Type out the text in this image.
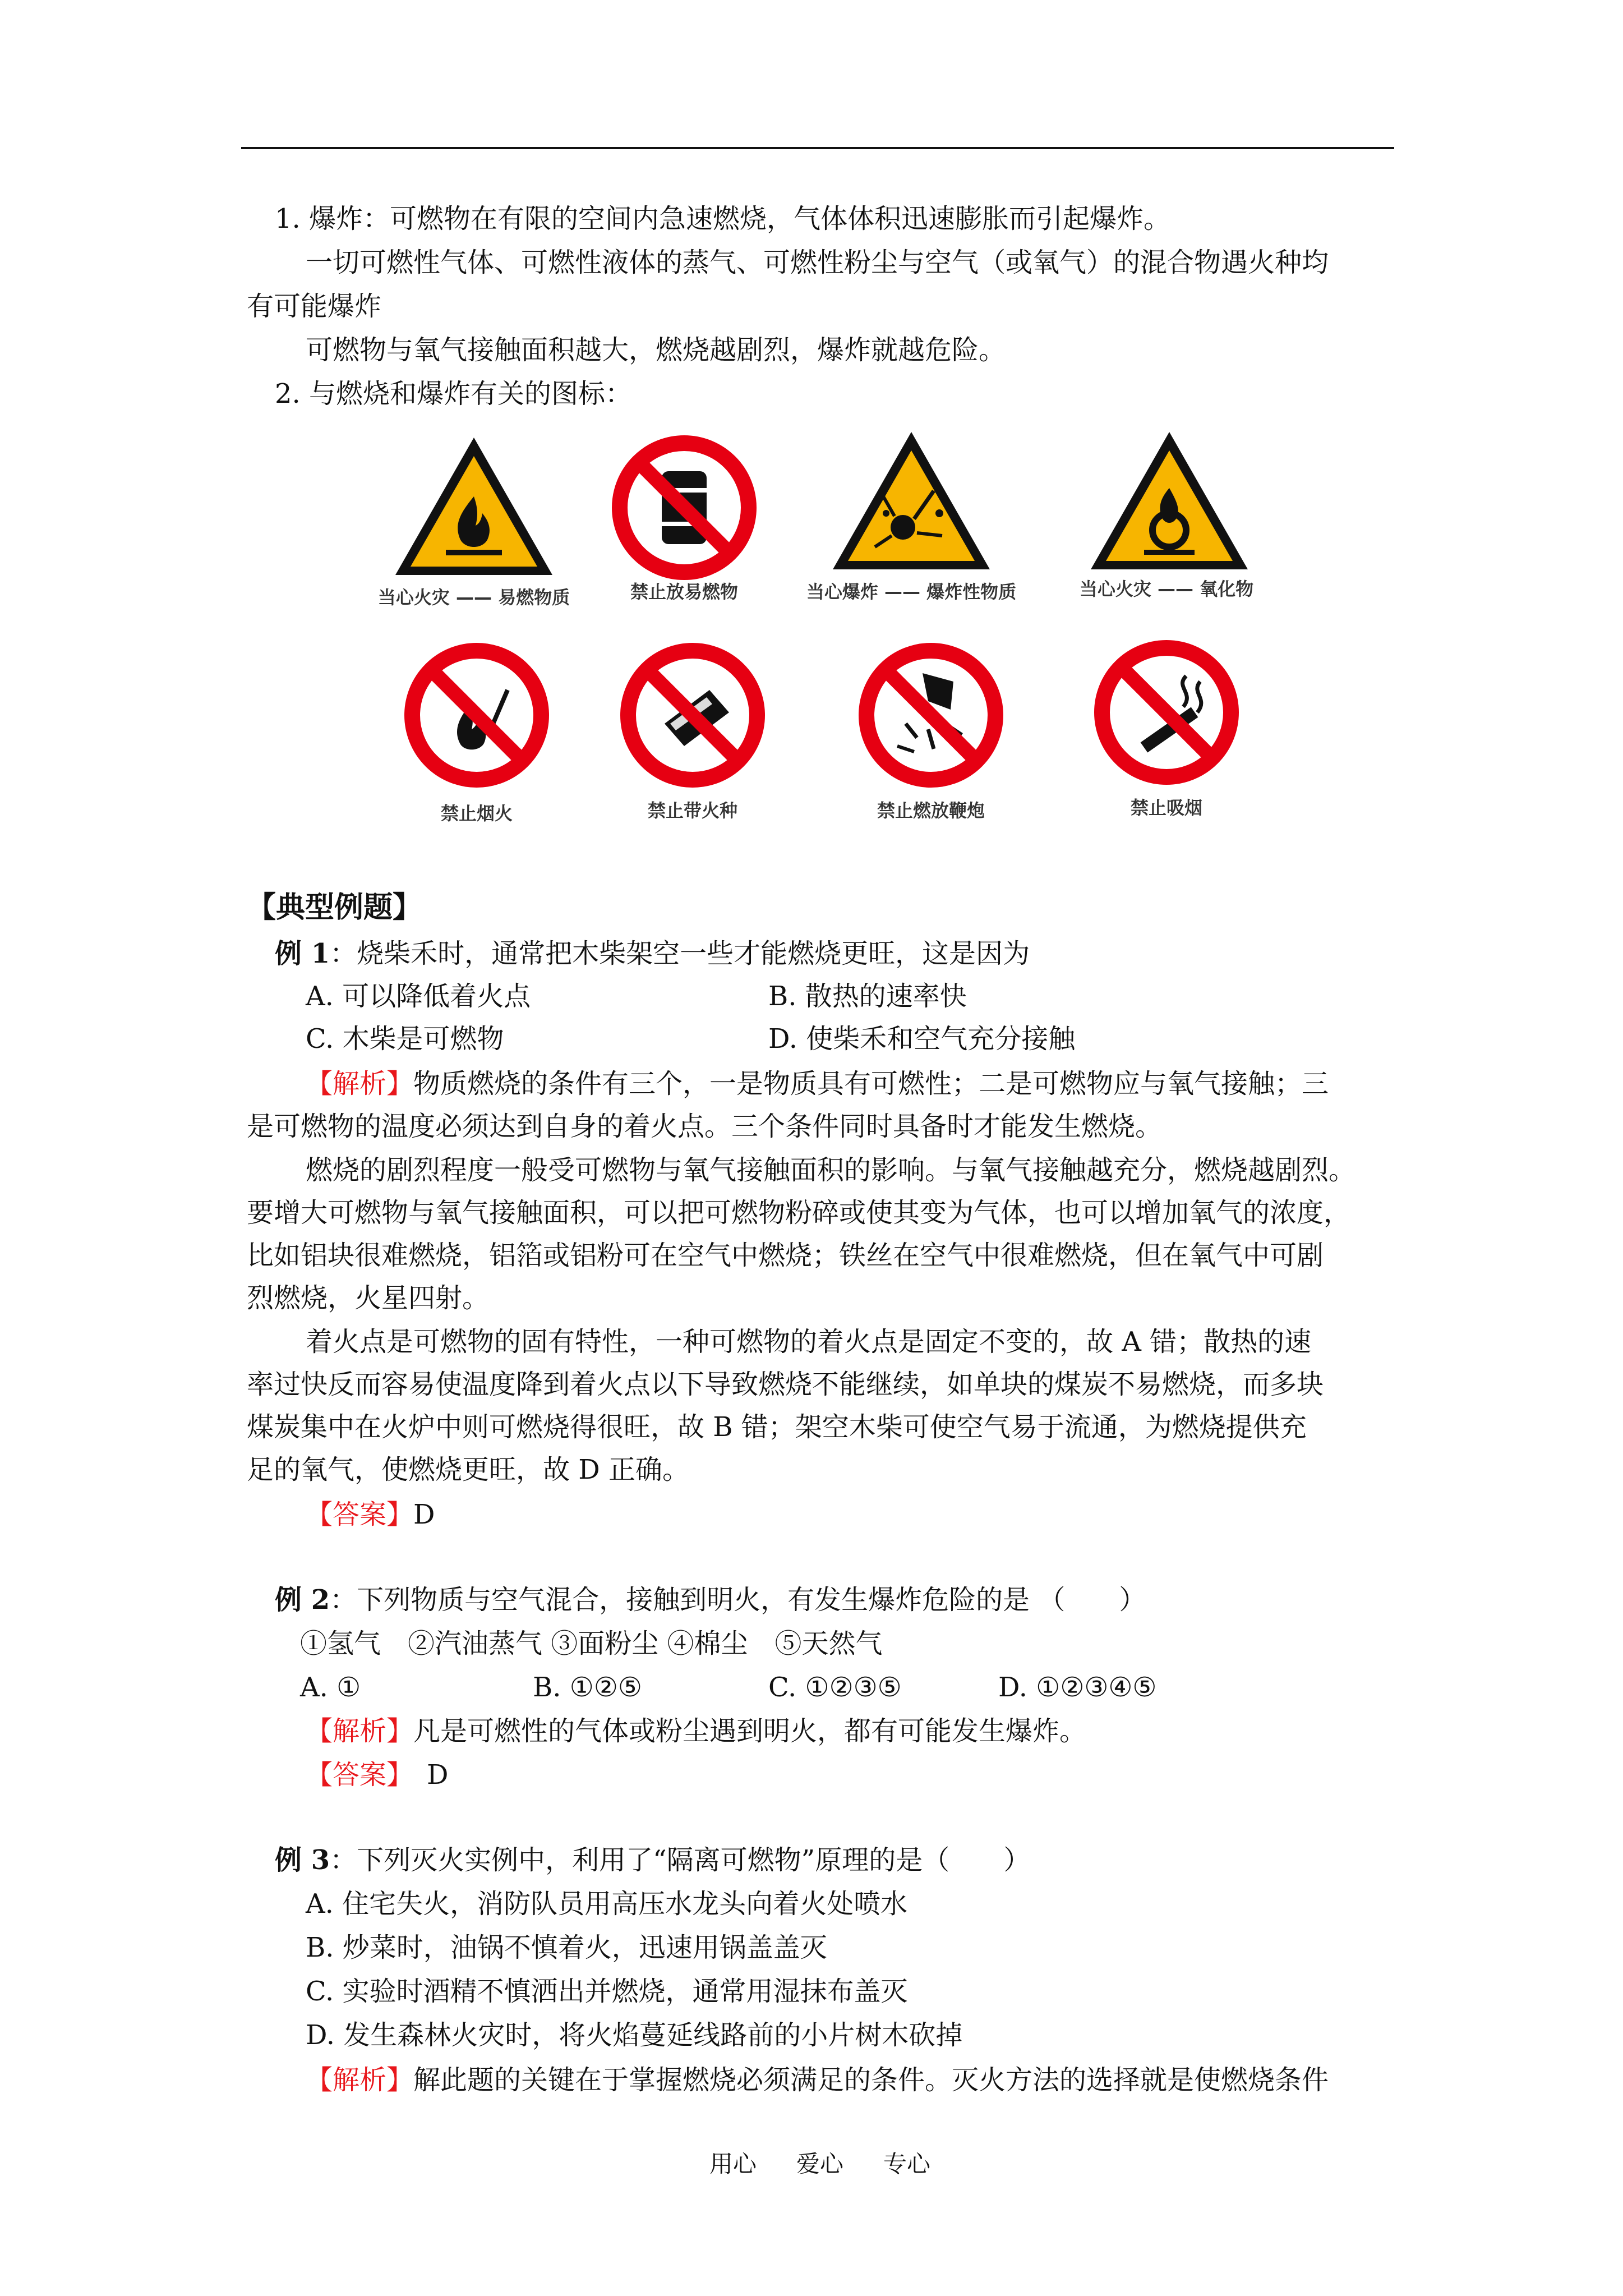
1. 爆炸：可燃物在有限的空间内急速燃烧，气体体积迅速膨胀而引起爆炸。
一切可燃性气体、可燃性液体的蒸气、可燃性粉尘与空气（或氧气）的混合物遇火种均
有可能爆炸
可燃物与氧气接触面积越大，燃烧越剧烈，爆炸就越危险。
2. 与燃烧和爆炸有关的图标：
当心火灾 —— 易燃物质	禁止放易燃物	当心爆炸 —— 爆炸性物质	当心火灾 —— 氧化物
禁止烟火	禁止带火种	禁止燃放鞭炮	禁止吸烟
【典型例题】
例 1：烧柴禾时，通常把木柴架空一些才能燃烧更旺，这是因为
A. 可以降低着火点	B. 散热的速率快
C. 木柴是可燃物	D. 使柴禾和空气充分接触
【解析】物质燃烧的条件有三个，一是物质具有可燃性；二是可燃物应与氧气接触；三
是可燃物的温度必须达到自身的着火点。三个条件同时具备时才能发生燃烧。
燃烧的剧烈程度一般受可燃物与氧气接触面积的影响。与氧气接触越充分，燃烧越剧烈。
要增大可燃物与氧气接触面积，可以把可燃物粉碎或使其变为气体，也可以增加氧气的浓度，
比如铝块很难燃烧，铝箔或铝粉可在空气中燃烧；铁丝在空气中很难燃烧，但在氧气中可剧
烈燃烧，火星四射。
着火点是可燃物的固有特性，一种可燃物的着火点是固定不变的，故 A 错；散热的速
率过快反而容易使温度降到着火点以下导致燃烧不能继续，如单块的煤炭不易燃烧，而多块
煤炭集中在火炉中则可燃烧得很旺，故 B 错；架空木柴可使空气易于流通，为燃烧提供充
足的氧气，使燃烧更旺，故 D 正确。
【答案】D
例 2：下列物质与空气混合，接触到明火，有发生爆炸危险的是 （　　）
①氢气　②汽油蒸气 ③面粉尘 ④棉尘　⑤天然气
A. ①	B. ①②⑤	C. ①②③⑤	D. ①②③④⑤
【解析】凡是可燃性的气体或粉尘遇到明火，都有可能发生爆炸。
【答案】 D
例 3：下列灭火实例中，利用了“隔离可燃物”原理的是（　　）
A. 住宅失火，消防队员用高压水龙头向着火处喷水
B. 炒菜时，油锅不慎着火，迅速用锅盖盖灭
C. 实验时酒精不慎洒出并燃烧，通常用湿抹布盖灭
D. 发生森林火灾时，将火焰蔓延线路前的小片树木砍掉
【解析】解此题的关键在于掌握燃烧必须满足的条件。灭火方法的选择就是使燃烧条件
用心 爱心 专心
